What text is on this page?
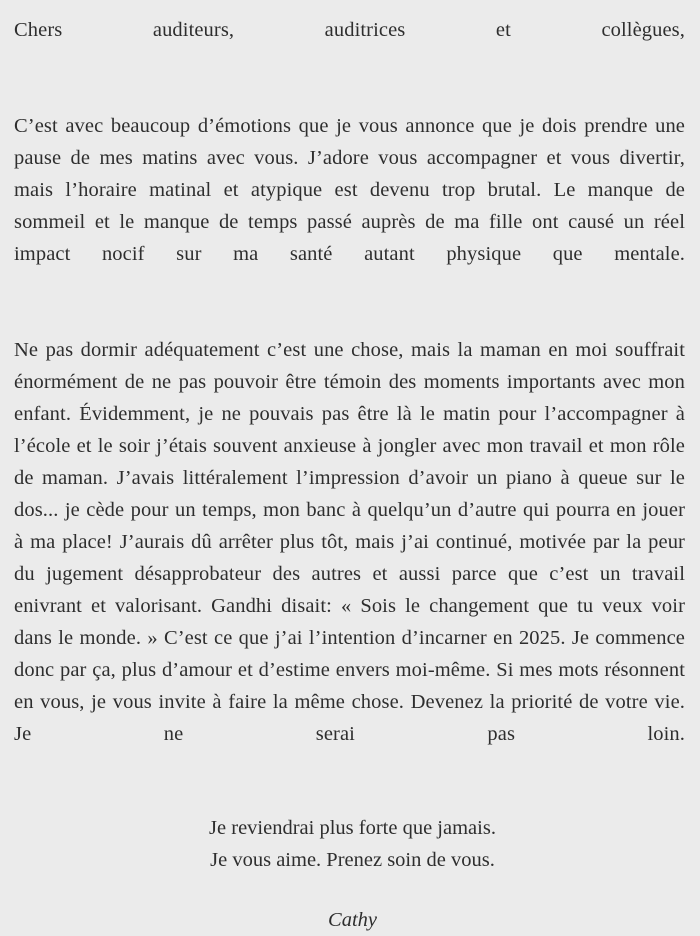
Chers auditeurs, auditrices et collègues,

C’est avec beaucoup d’émotions que je vous annonce que je dois prendre une pause de mes matins avec vous. J’adore vous accompagner et vous divertir, mais l’horaire matinal et atypique est devenu trop brutal. Le manque de sommeil et le manque de temps passé auprès de ma fille ont causé un réel impact nocif sur ma santé autant physique que mentale.

Ne pas dormir adéquatement c’est une chose, mais la maman en moi souffrait énormément de ne pas pouvoir être témoin des moments importants avec mon enfant. Évidemment, je ne pouvais pas être là le matin pour l’accompagner à l’école et le soir j’étais souvent anxieuse à jongler avec mon travail et mon rôle de maman. J’avais littéralement l’impression d’avoir un piano à queue sur le dos... je cède pour un temps, mon banc à quelqu’un d’autre qui pourra en jouer à ma place! J’aurais dû arrêter plus tôt, mais j’ai continué, motivée par la peur du jugement désapprobateur des autres et aussi parce que c’est un travail enivrant et valorisant. Gandhi disait: « Sois le changement que tu veux voir dans le monde. » C’est ce que j’ai l’intention d’incarner en 2025. Je commence donc par ça, plus d’amour et d’estime envers moi-même. Si mes mots résonnent en vous, je vous invite à faire la même chose. Devenez la priorité de votre vie. Je ne serai pas loin.

Je reviendrai plus forte que jamais.
Je vous aime. Prenez soin de vous.
Cathy
